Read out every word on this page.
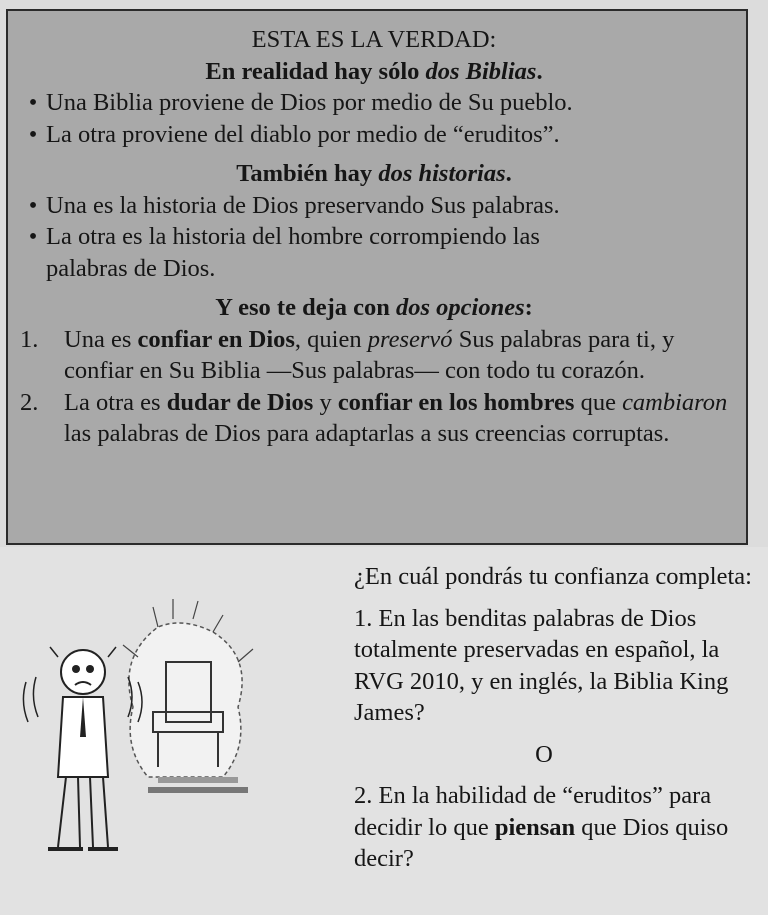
ESTA ES LA VERDAD:

En realidad hay sólo dos Biblias.

• Una Biblia proviene de Dios por medio de Su pueblo.
• La otra proviene del diablo por medio de “eruditos”.

También hay dos historias.

• Una es la historia de Dios preservando Sus palabras.
• La otra es la historia del hombre corrompiendo las
palabras de Dios.

Y eso te deja con dos opciones:

1.	Una es confiar en Dios, quien preservó Sus palabras para ti, y confiar en Su Biblia —Sus palabras— con todo tu corazón.
2.	La otra es dudar de Dios y confiar en los hombres que cambiaron las palabras de Dios para adaptarlas a sus creencias corruptas.

¿En cuál pondrás tu confianza completa:

1. En las benditas palabras de Dios totalmente preservadas en español, la RVG 2010, y en inglés, la Biblia King James?

O

2. En la habilidad de “eruditos” para decidir lo que piensan que Dios quiso decir?
